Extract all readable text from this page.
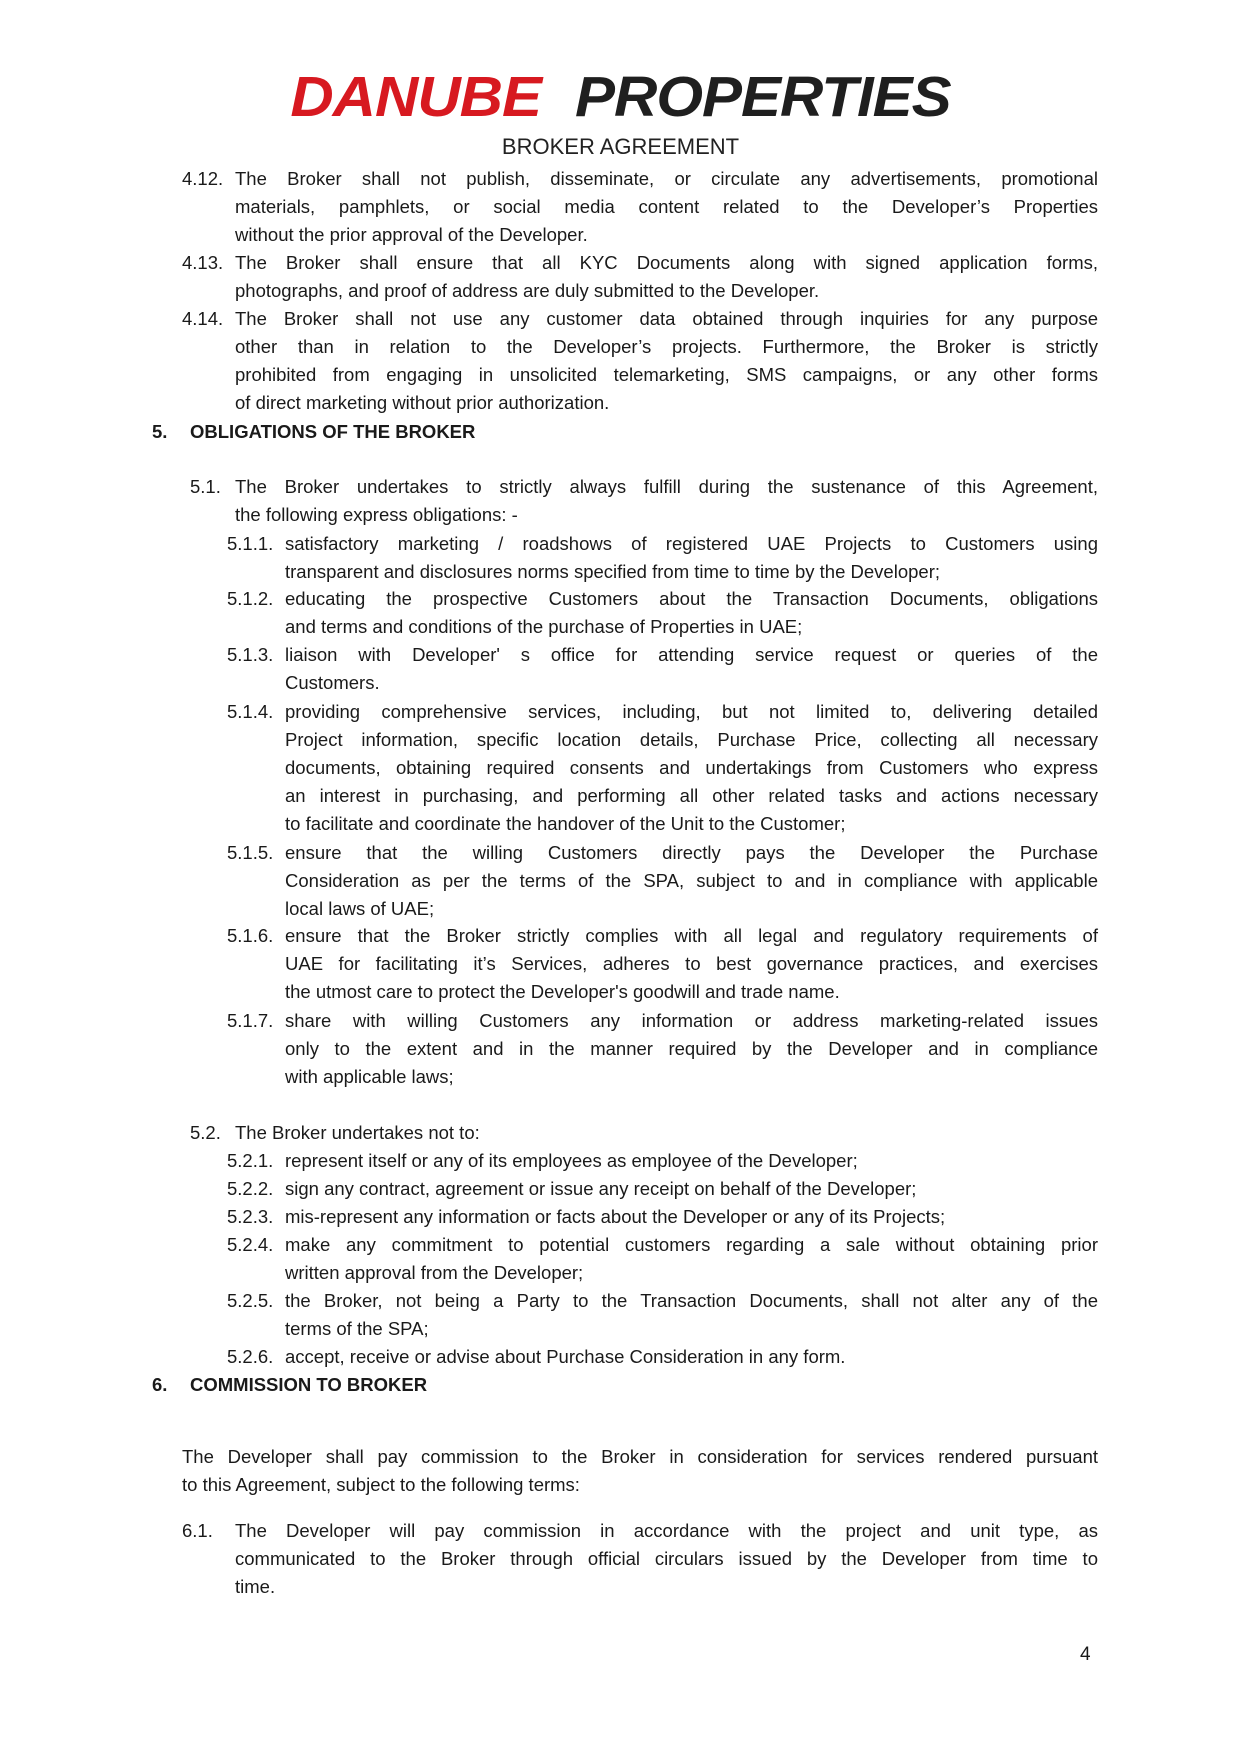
DANUBE PROPERTIES
BROKER AGREEMENT
4.12. The Broker shall not publish, disseminate, or circulate any advertisements, promotional
materials, pamphlets, or social media content related to the Developer’s Properties
without the prior approval of the Developer.
4.13. The Broker shall ensure that all KYC Documents along with signed application forms,
photographs, and proof of address are duly submitted to the Developer.
4.14. The Broker shall not use any customer data obtained through inquiries for any purpose
other than in relation to the Developer’s projects. Furthermore, the Broker is strictly
prohibited from engaging in unsolicited telemarketing, SMS campaigns, or any other forms
of direct marketing without prior authorization.
5. OBLIGATIONS OF THE BROKER
5.1. The Broker undertakes to strictly always fulfill during the sustenance of this Agreement,
the following express obligations: -
5.1.1. satisfactory marketing / roadshows of registered UAE Projects to Customers using
transparent and disclosures norms specified from time to time by the Developer;
5.1.2. educating the prospective Customers about the Transaction Documents, obligations
and terms and conditions of the purchase of Properties in UAE;
5.1.3. liaison with Developer' s office for attending service request or queries of the
Customers.
5.1.4. providing comprehensive services, including, but not limited to, delivering detailed
Project information, specific location details, Purchase Price, collecting all necessary
documents, obtaining required consents and undertakings from Customers who express
an interest in purchasing, and performing all other related tasks and actions necessary
to facilitate and coordinate the handover of the Unit to the Customer;
5.1.5. ensure that the willing Customers directly pays the Developer the Purchase
Consideration as per the terms of the SPA, subject to and in compliance with applicable
local laws of UAE;
5.1.6. ensure that the Broker strictly complies with all legal and regulatory requirements of
UAE for facilitating it’s Services, adheres to best governance practices, and exercises
the utmost care to protect the Developer's goodwill and trade name.
5.1.7. share with willing Customers any information or address marketing-related issues
only to the extent and in the manner required by the Developer and in compliance
with applicable laws;
5.2. The Broker undertakes not to:
5.2.1. represent itself or any of its employees as employee of the Developer;
5.2.2. sign any contract, agreement or issue any receipt on behalf of the Developer;
5.2.3. mis-represent any information or facts about the Developer or any of its Projects;
5.2.4. make any commitment to potential customers regarding a sale without obtaining prior
written approval from the Developer;
5.2.5. the Broker, not being a Party to the Transaction Documents, shall not alter any of the
terms of the SPA;
5.2.6. accept, receive or advise about Purchase Consideration in any form.
6. COMMISSION TO BROKER
The Developer shall pay commission to the Broker in consideration for services rendered pursuant
to this Agreement, subject to the following terms:
6.1. The Developer will pay commission in accordance with the project and unit type, as
communicated to the Broker through official circulars issued by the Developer from time to
time.
4
